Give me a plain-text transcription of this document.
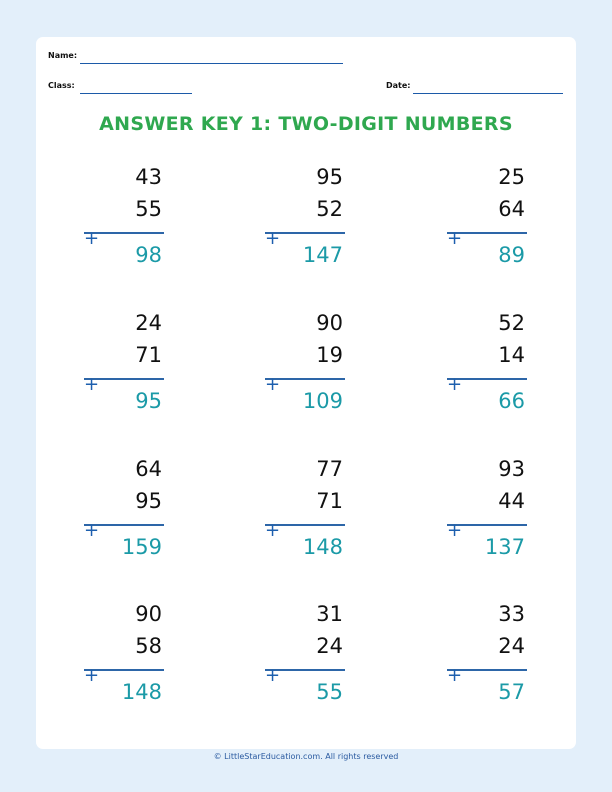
Name:
Class:	Date:
ANSWER KEY 1: TWO-DIGIT NUMBERS
43
55
+
98
95
52
+
147
25
64
+
89
24
71
+
95
90
19
+
109
52
14
+
66
64
95
+
159
77
71
+
148
93
44
+
137
90
58
+
148
31
24
+
55
33
24
+
57
© LittleStarEducation.com. All rights reserved
